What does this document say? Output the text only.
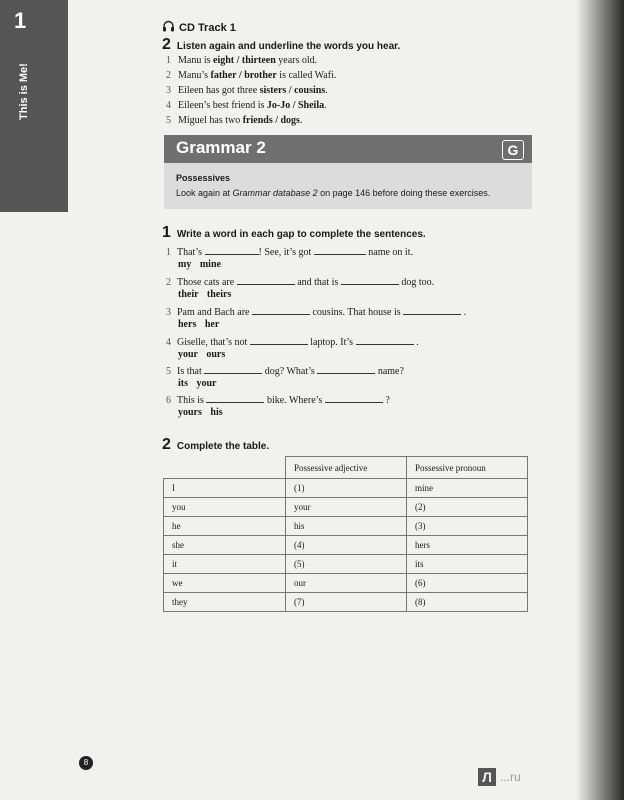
1
This is Me!
CD Track 1
2 Listen again and underline the words you hear.
1 Manu is eight / thirteen years old.
2 Manu’s father / brother is called Wafi.
3 Eileen has got three sisters / cousins.
4 Eileen’s best friend is Jo-Jo / Sheila.
5 Miguel has two friends / dogs.
Grammar 2	G
Possessives
Look again at Grammar database 2 on page 146 before doing these exercises.
1 Write a word in each gap to complete the sentences.
1 That’s	! See, it’s got	name on it.
my mine
2 Those cats are	and that is	dog too.
their theirs
3 Pam and Bach are	cousins. That house is	.
hers her
4 Giselle, that’s not	laptop. It’s	.
your ours
5 Is that	dog? What’s	name?
its your
6 This is	bike. Where’s	?
yours his
2 Complete the table.
	Possessive adjective	Possessive pronoun
I	(1)	mine
you	your	(2)
he	his	(3)
she	(4)	hers
it	(5)	its
we	our	(6)
they	(7)	(8)
8
Л ...ru
